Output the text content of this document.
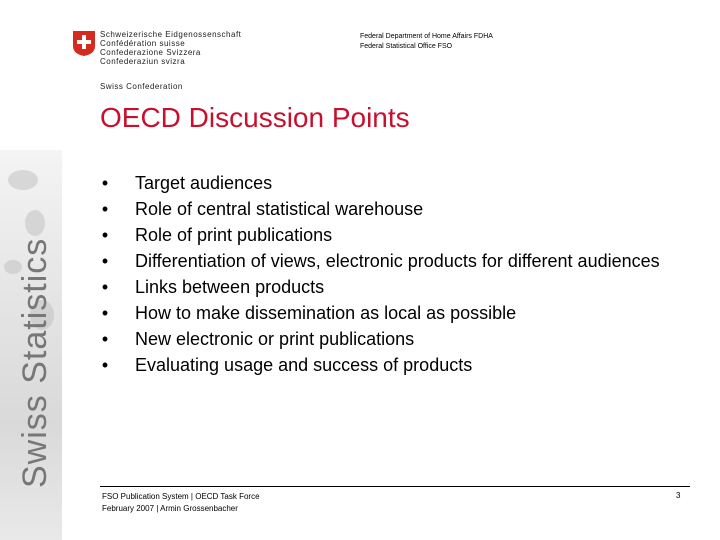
Swiss Statistics
Schweizerische Eidgenossenschaft
Confédération suisse
Confederazione Svizzera
Confederaziun svizra
Swiss Confederation
Federal Department of Home Affairs FDHA
Federal Statistical Office FSO
OECD Discussion Points
• Target audiences
• Role of central statistical warehouse
• Role of print publications
• Differentiation of views, electronic products for different audiences
• Links between products
• How to make dissemination as local as possible
• New electronic or print publications
• Evaluating usage and success of products
FSO Publication System | OECD Task Force
February 2007 | Armin Grossenbacher
3
